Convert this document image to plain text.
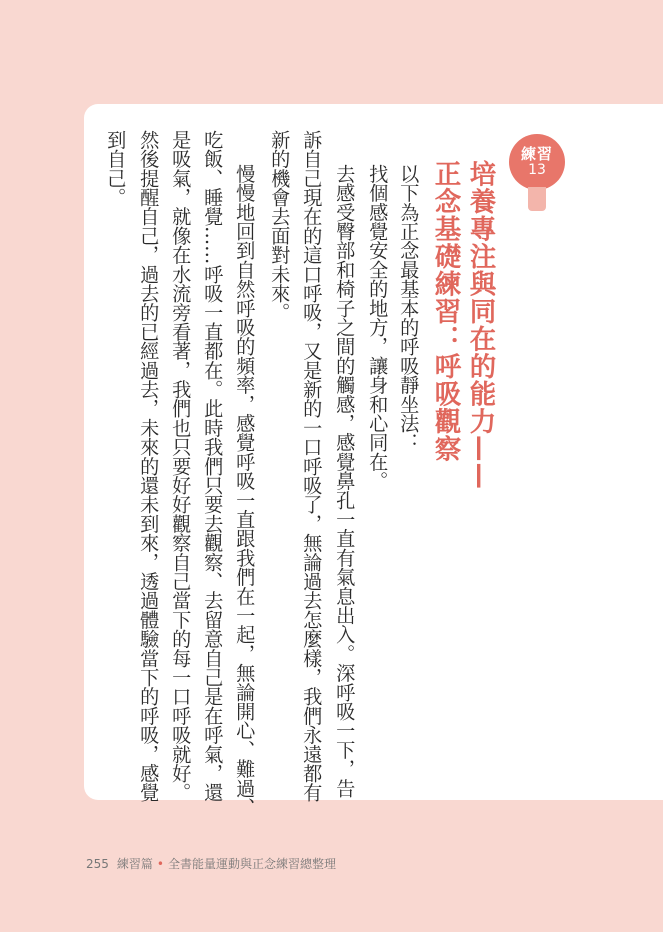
練習
13
培養專注與同在的能力——
正念基礎練習：呼吸觀察
以下為正念最基本的呼吸靜坐法：
找個感覺安全的地方，讓身和心同在。
去感受臀部和椅子之間的觸感，感覺鼻孔一直有氣息出入。深呼吸一下，告
訴自己現在的這口呼吸，又是新的一口呼吸了，無論過去怎麼樣，我們永遠都有
新的機會去面對未來。
慢慢地回到自然呼吸的頻率，感覺呼吸一直跟我們在一起，無論開心、難過、
吃飯、睡覺……呼吸一直都在。此時我們只要去觀察、去留意自己是在呼氣，還
是吸氣，就像在水流旁看著，我們也只要好好觀察自己當下的每一口呼吸就好。
然後提醒自己，過去的已經過去，未來的還未到來，透過體驗當下的呼吸，感覺
到自己。
255 練習篇 • 全書能量運動與正念練習總整理
